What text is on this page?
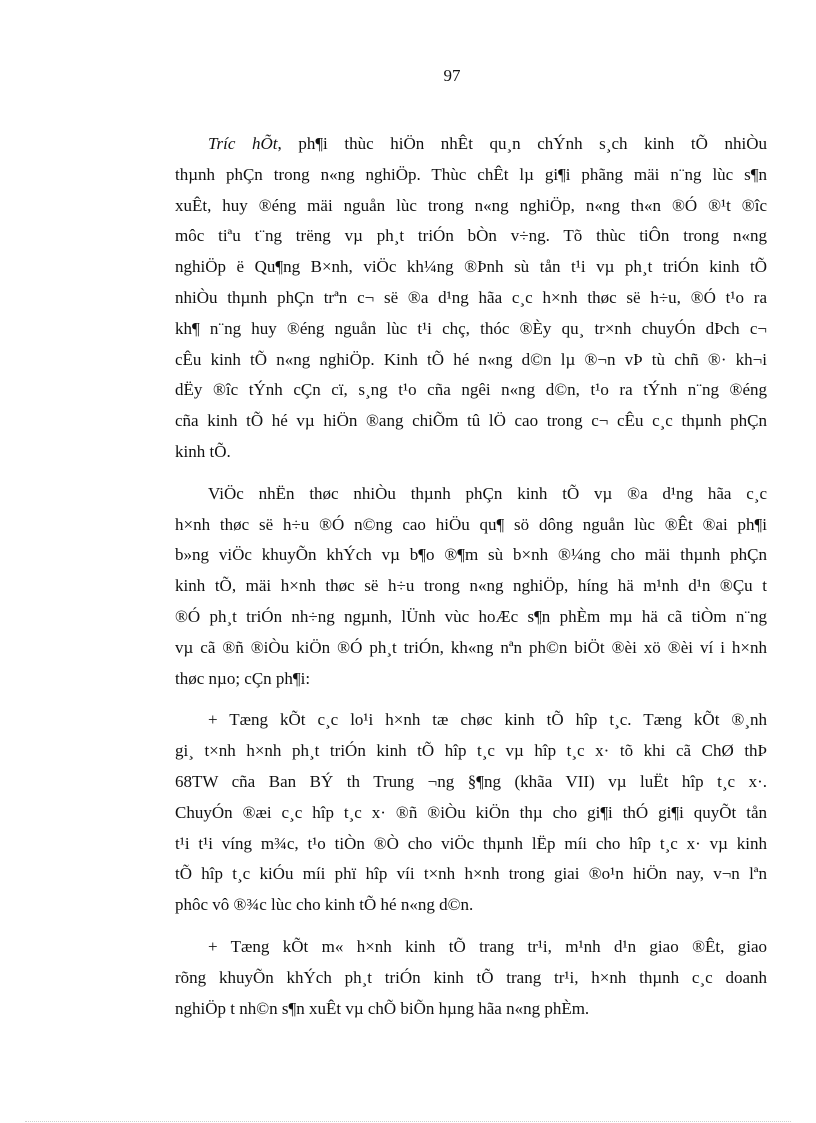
97

Tríc hÕt, ph¶i thùc hiÖn nhÊt qu¸n chÝnh s¸ch kinh tÕ nhiÒu
thµnh phÇn trong n«ng nghiÖp. Thùc chÊt lµ gi¶i phãng mäi n¨ng lùc s¶n
xuÊt, huy ®éng mäi nguån lùc trong n«ng nghiÖp, n«ng th«n ®Ó ®¹t ®îc
môc tiªu t¨ng trëng vµ ph¸t triÓn bÒn v÷ng. Tõ thùc tiÔn trong n«ng
nghiÖp ë Qu¶ng B×nh, viÖc kh¼ng ®Þnh sù tån t¹i vµ ph¸t triÓn kinh tÕ
nhiÒu thµnh phÇn trªn c¬ së ®a d¹ng hãa c¸c h×nh thøc së h÷u, ®Ó t¹o ra
kh¶ n¨ng huy ®éng nguån lùc t¹i chç, thóc ®Èy qu¸ tr×nh chuyÓn dÞch c¬
cÊu kinh tÕ n«ng nghiÖp. Kinh tÕ hé n«ng d©n lµ ®¬n vÞ tù chñ ®· kh¬i
dËy ®îc tÝnh cÇn cï, s¸ng t¹o cña ngêi n«ng d©n, t¹o ra tÝnh n¨ng ®éng
cña kinh tÕ hé vµ hiÖn ®ang chiÕm tû lÖ cao trong c¬ cÊu c¸c thµnh phÇn
kinh tÕ.

ViÖc nhËn thøc nhiÒu thµnh phÇn kinh tÕ vµ ®a d¹ng hãa c¸c
h×nh thøc së h÷u ®Ó n©ng cao hiÖu qu¶ sö dông nguån lùc ®Êt ®ai ph¶i
b»ng viÖc khuyÕn khÝch vµ b¶o ®¶m sù b×nh ®¼ng cho mäi thµnh phÇn
kinh tÕ, mäi h×nh thøc së h÷u trong n«ng nghiÖp, híng hä m¹nh d¹n ®Çu t
®Ó ph¸t triÓn nh÷ng ngµnh, lÜnh vùc hoÆc s¶n phÈm mµ hä cã tiÒm n¨ng
vµ cã ®ñ ®iÒu kiÖn ®Ó ph¸t triÓn, kh«ng nªn ph©n biÖt ®èi xö ®èi ví i h×nh
thøc nµo; cÇn ph¶i:

+ Tæng kÕt c¸c lo¹i h×nh tæ chøc kinh tÕ hîp t¸c. Tæng kÕt ®¸nh
gi¸ t×nh h×nh ph¸t triÓn kinh tÕ hîp t¸c vµ hîp t¸c x· tõ khi cã ChØ thÞ
68TW cña Ban BÝ th Trung ¬ng §¶ng (khãa VII) vµ luËt hîp t¸c x·.
ChuyÓn ®æi c¸c hîp t¸c x· ®ñ ®iÒu kiÖn thµ cho gi¶i thÓ gi¶i quyÕt tån
t¹i t¹i víng m¾c, t¹o tiÒn ®Ò cho viÖc thµnh lËp míi cho hîp t¸c x· vµ kinh
tÕ hîp t¸c kiÓu míi phï hîp víi t×nh h×nh trong giai ®o¹n hiÖn nay, v¬n lªn
phôc vô ®¾c lùc cho kinh tÕ hé n«ng d©n.

+ Tæng kÕt m« h×nh kinh tÕ trang tr¹i, m¹nh d¹n giao ®Êt, giao
rõng khuyÕn khÝch ph¸t triÓn kinh tÕ trang tr¹i, h×nh thµnh c¸c doanh
nghiÖp t nh©n s¶n xuÊt vµ chÕ biÕn hµng hãa n«ng phÈm.
